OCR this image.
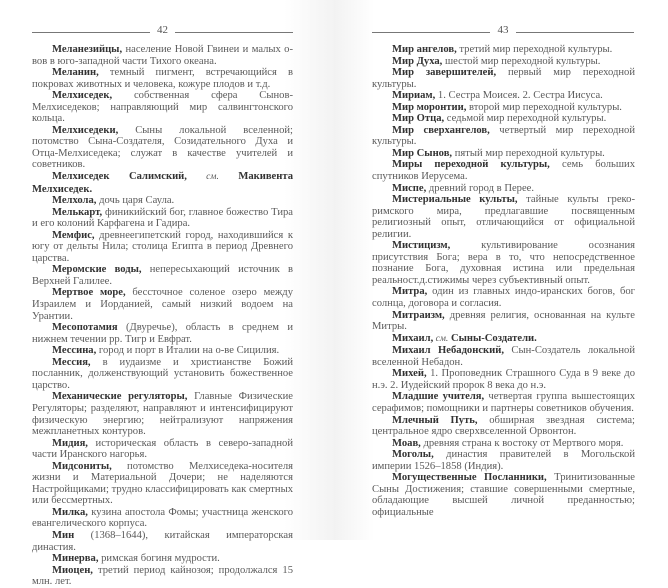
42

Меланезийцы, население Новой Гвинеи и малых о-вов в юго-западной части Тихого океана.

Меланин, темный пигмент, встречающийся в покровах животных и человека, кожуре плодов и т.д.

Мелхиседек, собственная сфера Сынов-Мелхиседеков; направляющий мир салвингтонского кольца.

Мелхиседеки, Сыны локальной вселенной; потомство Сына-Создателя, Созидательного Духа и Отца-Мелхиседека; служат в качестве учителей и советников.

Мелхиседек Салимский, см. Макивента Мелхиседек.

Мелхола, дочь царя Саула.

Мелькарт, финикийский бог, главное божество Тира и его колоний Карфагена и Гадира.

Мемфис, древнеегипетский город, находившийся к югу от дельты Нила; столица Египта в период Древнего царства.

Меромские воды, непересыхающий источник в Верхней Галилее.

Мертвое море, бессточное соленое озеро между Израилем и Иорданией, самый низкий водоем на Урантии.

Месопотамия (Двуречье), область в среднем и нижнем течении рр. Тигр и Евфрат.

Мессина, город и порт в Италии на о-ве Сицилия.

Мессия, в иудаизме и христианстве Божий посланник, долженствующий установить божественное царство.

Механические регуляторы, Главные Физические Регуляторы; разделяют, направляют и интенсифицируют физическую энергию; нейтрализуют напряжения межпланетных контуров.

Мидия, историческая область в северо-западной части Иранского нагорья.

Мидсониты, потомство Мелхиседека-носителя жизни и Материальной Дочери; не наделяются Настройщиками; трудно классифицировать как смертных или бессмертных.

Милка, кузина апостола Фомы; участница женского евангелического корпуса.

Мин (1368–1644), китайская императорская династия.

Минерва, римская богиня мудрости.

Миоцен, третий период кайнозоя; продолжался 15 млн. лет.

43

Мир ангелов, третий мир переходной культуры.

Мир Духа, шестой мир переходной культуры.

Мир завершителей, первый мир переходной культуры.

Мириам, 1. Сестра Моисея. 2. Сестра Иисуса.

Мир моронтии, второй мир переходной культуры.

Мир Отца, седьмой мир переходной культуры.

Мир сверхангелов, четвертый мир переходной культуры.

Мир Сынов, пятый мир переходной культуры.

Миры переходной культуры, семь больших спутников Иерусема.

Миспе, древний город в Перее.

Мистериальные культы, тайные культы греко-римского мира, предлагавшие посвященным религиозный опыт, отличающийся от официальной религии.

Мистицизм, культивирование осознания присутствия Бога; вера в то, что непосредственное познание Бога, духовная истина или предельная реальност.д.стижимы через субъективный опыт.

Митра, один из главных индо-иранских богов, бог солнца, договора и согласия.

Митраизм, древняя религия, основанная на культе Митры.

Михаил, см. Сыны-Создатели.

Михаил Небадонский, Сын-Создатель локальной вселенной Небадон.

Михей, 1. Проповедник Страшного Суда в 9 веке до н.э. 2. Иудейский пророк 8 века до н.э.

Младшие учителя, четвертая группа вышестоящих серафимов; помощники и партнеры советников обучения.

Млечный Путь, обширная звездная система; центральное ядро сверхвселенной Орвонтон.

Моав, древняя страна к востоку от Мертвого моря.

Моголы, династия правителей в Могольской империи 1526–1858 (Индия).

Могущественные Посланники, Тринитизованные Сыны Достижения; ставшие совершенными смертные, обладающие высшей личной преданностью; официальные
